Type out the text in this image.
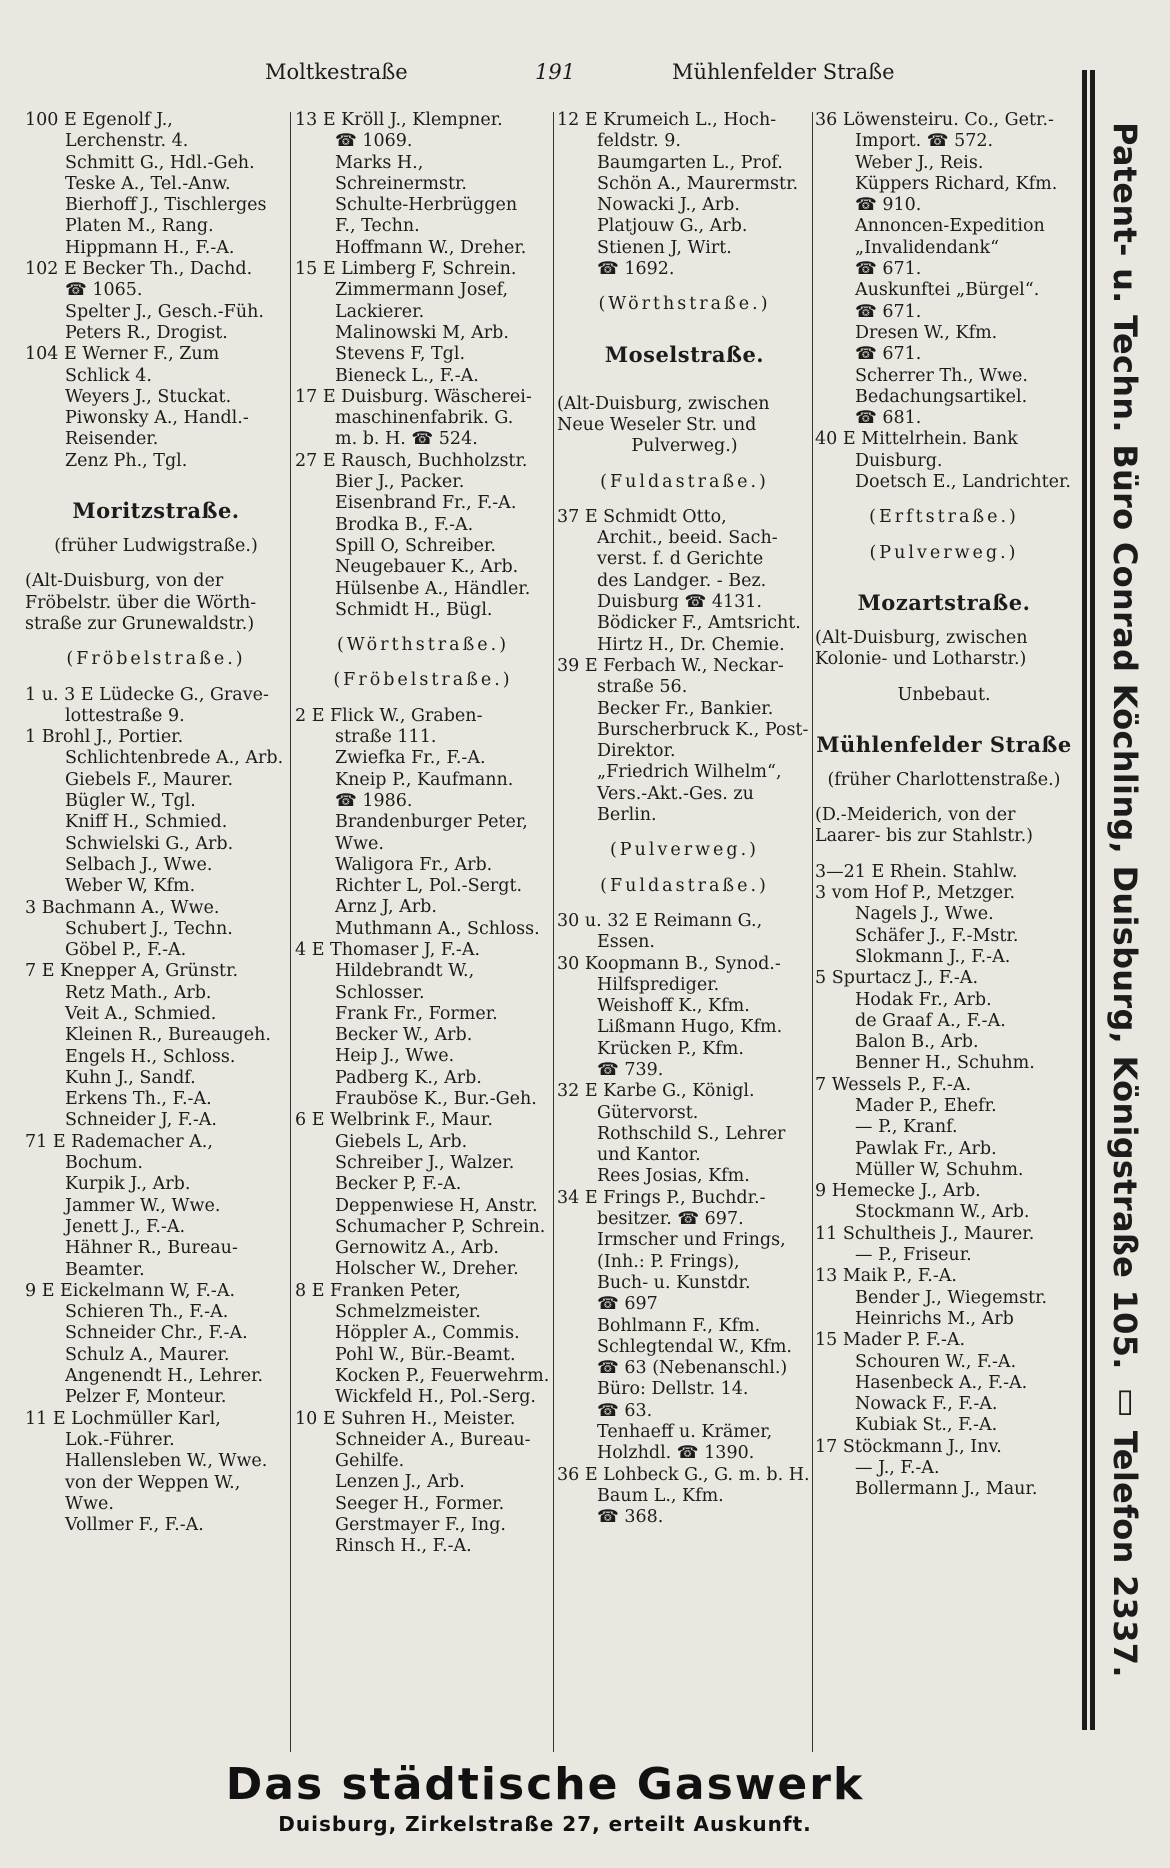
Moltkestraße	191	Mühlenfelder Straße
100 E Egenolf J.,
Lerchenstr. 4.
Schmitt G., Hdl.-Geh.
Teske A., Tel.-Anw.
Bierhoff J., Tischlerges
Platen M., Rang.
Hippmann H., F.-A.
102 E Becker Th., Dachd.
☎ 1065.
Spelter J., Gesch.-Füh.
Peters R., Drogist.
104 E Werner F., Zum
Schlick 4.
Weyers J., Stuckat.
Piwonsky A., Handl.-
Reisender.
Zenz Ph., Tgl.
Moritzstraße.
(früher Ludwigstraße.)
(Alt-Duisburg, von der
Fröbelstr. über die Wörth-
straße zur Grunewaldstr.)
(Fröbelstraße.)
1 u. 3 E Lüdecke G., Grave-
lottestraße 9.
1 Brohl J., Portier.
Schlichtenbrede A., Arb.
Giebels F., Maurer.
Bügler W., Tgl.
Kniff H., Schmied.
Schwielski G., Arb.
Selbach J., Wwe.
Weber W, Kfm.
3 Bachmann A., Wwe.
Schubert J., Techn.
Göbel P., F.-A.
7 E Knepper A, Grünstr.
Retz Math., Arb.
Veit A., Schmied.
Kleinen R., Bureaugeh.
Engels H., Schloss.
Kuhn J., Sandf.
Erkens Th., F.-A.
Schneider J, F.-A.
71 E Rademacher A.,
Bochum.
Kurpik J., Arb.
Jammer W., Wwe.
Jenett J., F.-A.
Hähner R., Bureau-
Beamter.
9 E Eickelmann W, F.-A.
Schieren Th., F.-A.
Schneider Chr., F.-A.
Schulz A., Maurer.
Angenendt H., Lehrer.
Pelzer F, Monteur.
11 E Lochmüller Karl,
Lok.-Führer.
Hallensleben W., Wwe.
von der Weppen W.,
Wwe.
Vollmer F., F.-A.
13 E Kröll J., Klempner.
☎ 1069.
Marks H.,
Schreinermstr.
Schulte-Herbrüggen
F., Techn.
Hoffmann W., Dreher.
15 E Limberg F, Schrein.
Zimmermann Josef,
Lackierer.
Malinowski M, Arb.
Stevens F, Tgl.
Bieneck L., F.-A.
17 E Duisburg. Wäscherei-
maschinenfabrik. G.
m. b. H. ☎ 524.
27 E Rausch, Buchholzstr.
Bier J., Packer.
Eisenbrand Fr., F.-A.
Brodka B., F.-A.
Spill O, Schreiber.
Neugebauer K., Arb.
Hülsenbe A., Händler.
Schmidt H., Bügl.
(Wörthstraße.)
(Fröbelstraße.)
2 E Flick W., Graben-
straße 111.
Zwiefka Fr., F.-A.
Kneip P., Kaufmann.
☎ 1986.
Brandenburger Peter,
Wwe.
Waligora Fr., Arb.
Richter L, Pol.-Sergt.
Arnz J, Arb.
Muthmann A., Schloss.
4 E Thomaser J, F.-A.
Hildebrandt W.,
Schlosser.
Frank Fr., Former.
Becker W., Arb.
Heip J., Wwe.
Padberg K., Arb.
Frauböse K., Bur.-Geh.
6 E Welbrink F., Maur.
Giebels L, Arb.
Schreiber J., Walzer.
Becker P, F.-A.
Deppenwiese H, Anstr.
Schumacher P, Schrein.
Gernowitz A., Arb.
Holscher W., Dreher.
8 E Franken Peter,
Schmelzmeister.
Höppler A., Commis.
Pohl W., Bür.-Beamt.
Kocken P., Feuerwehrm.
Wickfeld H., Pol.-Serg.
10 E Suhren H., Meister.
Schneider A., Bureau-
Gehilfe.
Lenzen J., Arb.
Seeger H., Former.
Gerstmayer F., Ing.
Rinsch H., F.-A.
12 E Krumeich L., Hoch-
feldstr. 9.
Baumgarten L., Prof.
Schön A., Maurermstr.
Nowacki J., Arb.
Platjouw G., Arb.
Stienen J, Wirt.
☎ 1692.
(Wörthstraße.)
Moselstraße.
(Alt-Duisburg, zwischen
Neue Weseler Str. und
Pulverweg.)
(Fuldastraße.)
37 E Schmidt Otto,
Archit., beeid. Sach-
verst. f. d Gerichte
des Landger. - Bez.
Duisburg ☎ 4131.
Bödicker F., Amtsricht.
Hirtz H., Dr. Chemie.
39 E Ferbach W., Neckar-
straße 56.
Becker Fr., Bankier.
Burscherbruck K., Post-
Direktor.
„Friedrich Wilhelm“,
Vers.-Akt.-Ges. zu
Berlin.
(Pulverweg.)
(Fuldastraße.)
30 u. 32 E Reimann G.,
Essen.
30 Koopmann B., Synod.-
Hilfsprediger.
Weishoff K., Kfm.
Lißmann Hugo, Kfm.
Krücken P., Kfm.
☎ 739.
32 E Karbe G., Königl.
Gütervorst.
Rothschild S., Lehrer
und Kantor.
Rees Josias, Kfm.
34 E Frings P., Buchdr.-
besitzer. ☎ 697.
Irmscher und Frings,
(Inh.: P. Frings),
Buch- u. Kunstdr.
☎ 697
Bohlmann F., Kfm.
Schlegtendal W., Kfm.
☎ 63 (Nebenanschl.)
Büro: Dellstr. 14.
☎ 63.
Tenhaeff u. Krämer,
Holzhdl. ☎ 1390.
36 E Lohbeck G., G. m. b. H.
Baum L., Kfm.
☎ 368.
36 Löwensteiru. Co., Getr.-
Import. ☎ 572.
Weber J., Reis.
Küppers Richard, Kfm.
☎ 910.
Annoncen-Expedition
„Invalidendank“
☎ 671.
Auskunftei „Bürgel“.
☎ 671.
Dresen W., Kfm.
☎ 671.
Scherrer Th., Wwe.
Bedachungsartikel.
☎ 681.
40 E Mittelrhein. Bank
Duisburg.
Doetsch E., Landrichter.
(Erftstraße.)
(Pulverweg.)
Mozartstraße.
(Alt-Duisburg, zwischen
Kolonie- und Lotharstr.)
Unbebaut.
Mühlenfelder Straße
(früher Charlottenstraße.)
(D.-Meiderich, von der
Laarer- bis zur Stahlstr.)
3—21 E Rhein. Stahlw.
3 vom Hof P., Metzger.
Nagels J., Wwe.
Schäfer J., F.-Mstr.
Slokmann J., F.-A.
5 Spurtacz J., F.-A.
Hodak Fr., Arb.
de Graaf A., F.-A.
Balon B., Arb.
Benner H., Schuhm.
7 Wessels P., F.-A.
Mader P., Ehefr.
— P., Kranf.
Pawlak Fr., Arb.
Müller W, Schuhm.
9 Hemecke J., Arb.
Stockmann W., Arb.
11 Schultheis J., Maurer.
— P., Friseur.
13 Maik P., F.-A.
Bender J., Wiegemstr.
Heinrichs M., Arb
15 Mader P. F.-A.
Schouren W., F.-A.
Hasenbeck A., F.-A.
Nowack F., F.-A.
Kubiak St., F.-A.
17 Stöckmann J., Inv.
— J., F.-A.
Bollermann J., Maur.	Patent- u. Techn. Büro Conrad Köchling, Duisburg, Königstraße 105. ▯ Telefon 2337.
Das städtische Gaswerk
Duisburg, Zirkelstraße 27, erteilt Auskunft.
